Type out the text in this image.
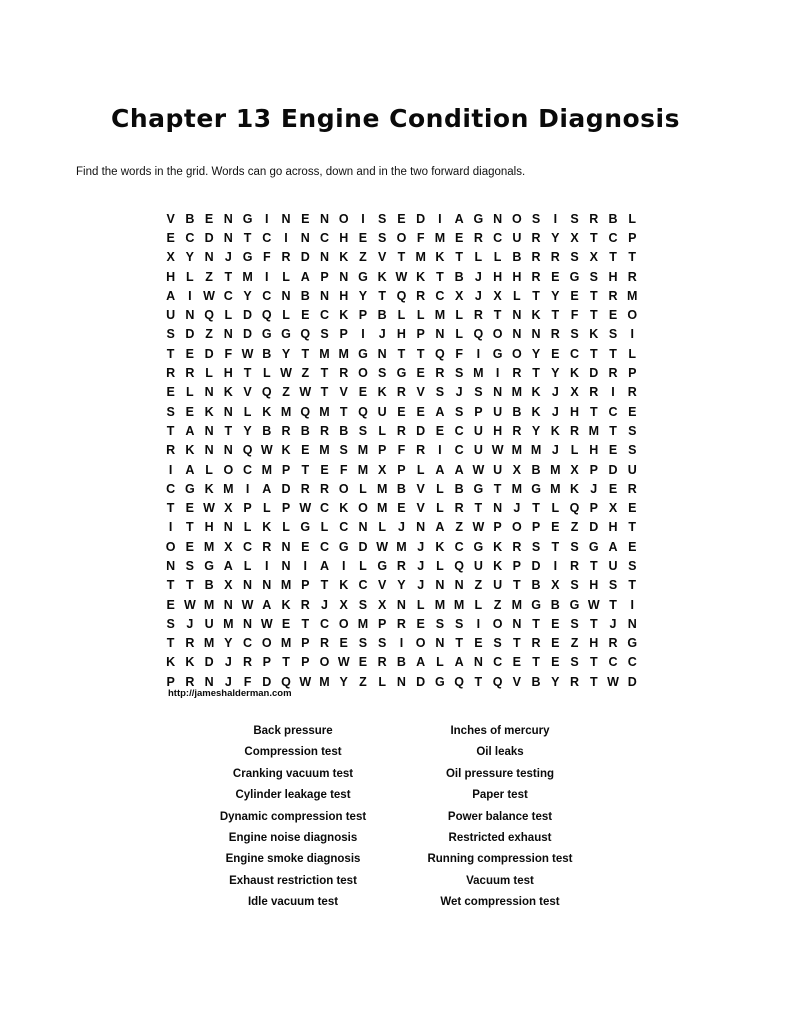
Chapter 13 Engine Condition Diagnosis
Find the words in the grid. Words can go across, down and in the two forward diagonals.
V B E N G	I	N E N O	I	S E D	I	A G N O S	I	S R B L
E C D N T C	I	N C H E S O F M E R C U R Y X T C P
X Y N J G F R D N K Z V T M K T L L B R R S X T T
H L Z T M I	L A P N G K W K T B J H H R E G S H R
A	I W C Y C N B N H Y T Q R C X J X L T Y E T R M
U N Q L D Q L E C K P B L L M L R T N K T F T E O
S D Z N D G G Q S P	I	J H P N L Q O N N R S K S	I
T E D F W B Y T M M G N T T Q F	I	G O Y E C T T L
R R L H T L W Z T R O S G E R S M I	R T Y K D R P
E L N K V Q Z W T V E K R V S J S N M K J X R	I	R
S E K N L K M Q M T Q U E E A S P U B K J H T C E
T A N T Y B R B R B S L R D E C U H R Y K R M T S
R K N N Q W K E M S M P F R	I	C U W M M J L H E S
I	A L O C M P T E F M X P L A A W U X B M X P D U
C G K M I	A D R R O L M B V L B G T M G M K J E R
T E W X P L P W C K O M E V L R T N J T L Q P X E
I	T H N L K L G L C N L J N A Z W P O P E Z D H T
O E M X C R N E C G D W M J K C G K R S T S G A E
N S G A L	I	N	I	A	I	L G R J L Q U K P D	I	R T U S
T T B X N N M P T K C V Y J N N Z U T B X S H S T
E W M N W A K R J X S X N L M M L Z M G B G W T	I
S J U M N W E T C O M P R E S S	I	O N T E S T J N
T R M Y C O M P R E S S	I	O N T E S T R E Z H R G
K K D J R P T P O W E R B A L A N C E T E S T C C
P R N J F D Q W M Y Z L N D G Q T Q V B Y R T W D
http://jameshalderman.com
Back pressure
Compression test
Cranking vacuum test
Cylinder leakage test
Dynamic compression test
Engine noise diagnosis
Engine smoke diagnosis
Exhaust restriction test
Idle vacuum test
Inches of mercury
Oil leaks
Oil pressure testing
Paper test
Power balance test
Restricted exhaust
Running compression test
Vacuum test
Wet compression test
